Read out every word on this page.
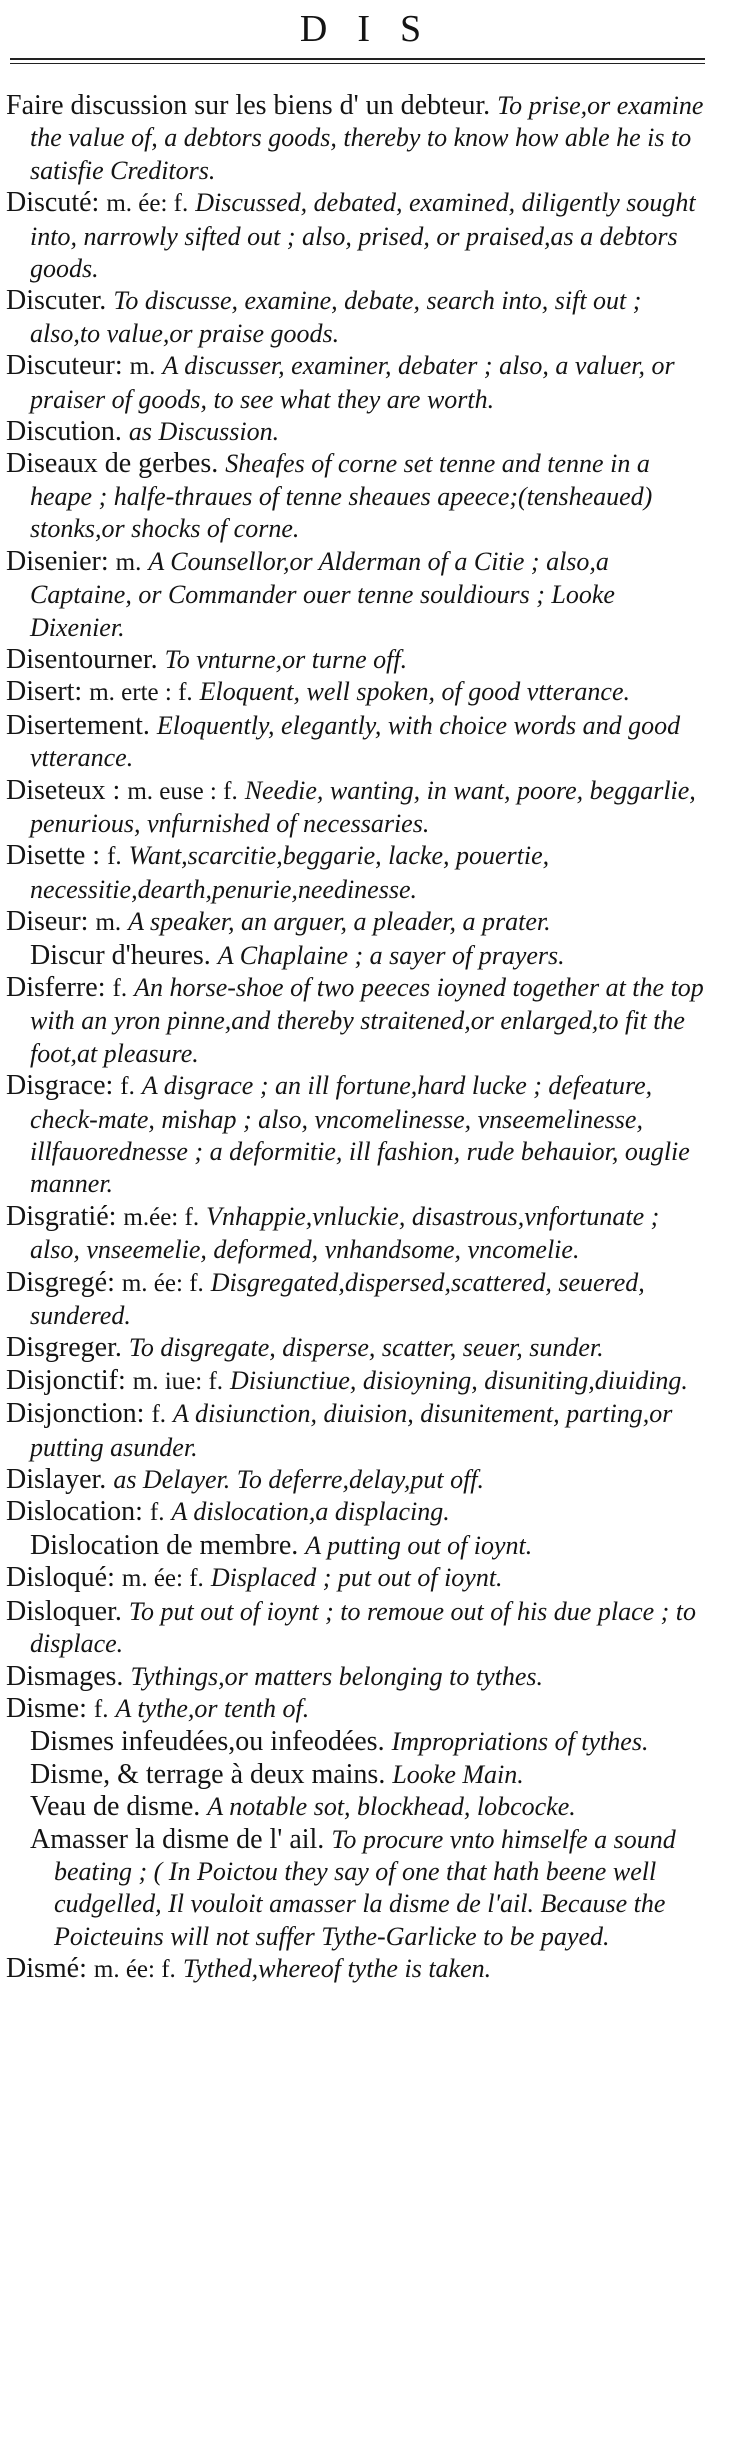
DIS

Faire discussion sur les biens d' un debteur. To prise,or examine the value of, a debtors goods, thereby to know how able he is to satisfie Creditors.

Discuté: m. ée: f. Discussed, debated, examined, diligently sought into, narrowly sifted out ; also, prised, or praised,as a debtors goods.

Discuter. To discusse, examine, debate, search into, sift out ; also,to value,or praise goods.

Discuteur: m. A discusser, examiner, debater ; also, a valuer, or praiser of goods, to see what they are worth.

Discution. as Discussion.

Diseaux de gerbes. Sheafes of corne set tenne and tenne in a heape ; halfe-thraues of tenne sheaues apeece;(tensheaued) stonks,or shocks of corne.

Disenier: m. A Counsellor,or Alderman of a Citie ; also,a Captaine, or Commander ouer tenne souldiours ; Looke Dixenier.

Disentourner. To vnturne,or turne off.

Disert: m. erte : f. Eloquent, well spoken, of good vtterance.

Disertement. Eloquently, elegantly, with choice words and good vtterance.

Diseteux : m. euse : f. Needie, wanting, in want, poore, beggarlie, penurious, vnfurnished of necessaries.

Disette : f. Want,scarcitie,beggarie, lacke, pouertie, necessitie,dearth,penurie,needinesse.

Diseur: m. A speaker, an arguer, a pleader, a prater.

Discur d'heures. A Chaplaine ; a sayer of prayers.

Disferre: f. An horse-shoe of two peeces ioyned together at the top with an yron pinne,and thereby straitened,or enlarged,to fit the foot,at pleasure.

Disgrace: f. A disgrace ; an ill fortune,hard lucke ; defeature, check-mate, mishap ; also, vncomelinesse, vnseemelinesse, illfauorednesse ; a deformitie, ill fashion, rude behauior, ouglie manner.

Disgratié: m.ée: f. Vnhappie,vnluckie, disastrous,vnfortunate ; also, vnseemelie, deformed, vnhandsome, vncomelie.

Disgregé: m. ée: f. Disgregated,dispersed,scattered, seuered, sundered.

Disgreger. To disgregate, disperse, scatter, seuer, sunder.

Disjonctif: m. iue: f. Disiunctiue, disioyning, disuniting,diuiding.

Disjonction: f. A disiunction, diuision, disunitement, parting,or putting asunder.

Dislayer. as Delayer. To deferre,delay,put off.

Dislocation: f. A dislocation,a displacing.

Dislocation de membre. A putting out of ioynt.

Disloqué: m. ée: f. Displaced ; put out of ioynt.

Disloquer. To put out of ioynt ; to remoue out of his due place ; to displace.

Dismages. Tythings,or matters belonging to tythes.

Disme: f. A tythe,or tenth of.

Dismes infeudées,ou infeodées. Impropriations of tythes.

Disme, & terrage à deux mains. Looke Main.

Veau de disme. A notable sot, blockhead, lobcocke.

Amasser la disme de l' ail. To procure vnto himselfe a sound beating ; ( In Poictou they say of one that hath beene well cudgelled, Il vouloit amasser la disme de l'ail. Because the Poicteuins will not suffer Tythe-Garlicke to be payed.

Dismé: m. ée: f. Tythed,whereof tythe is taken.
